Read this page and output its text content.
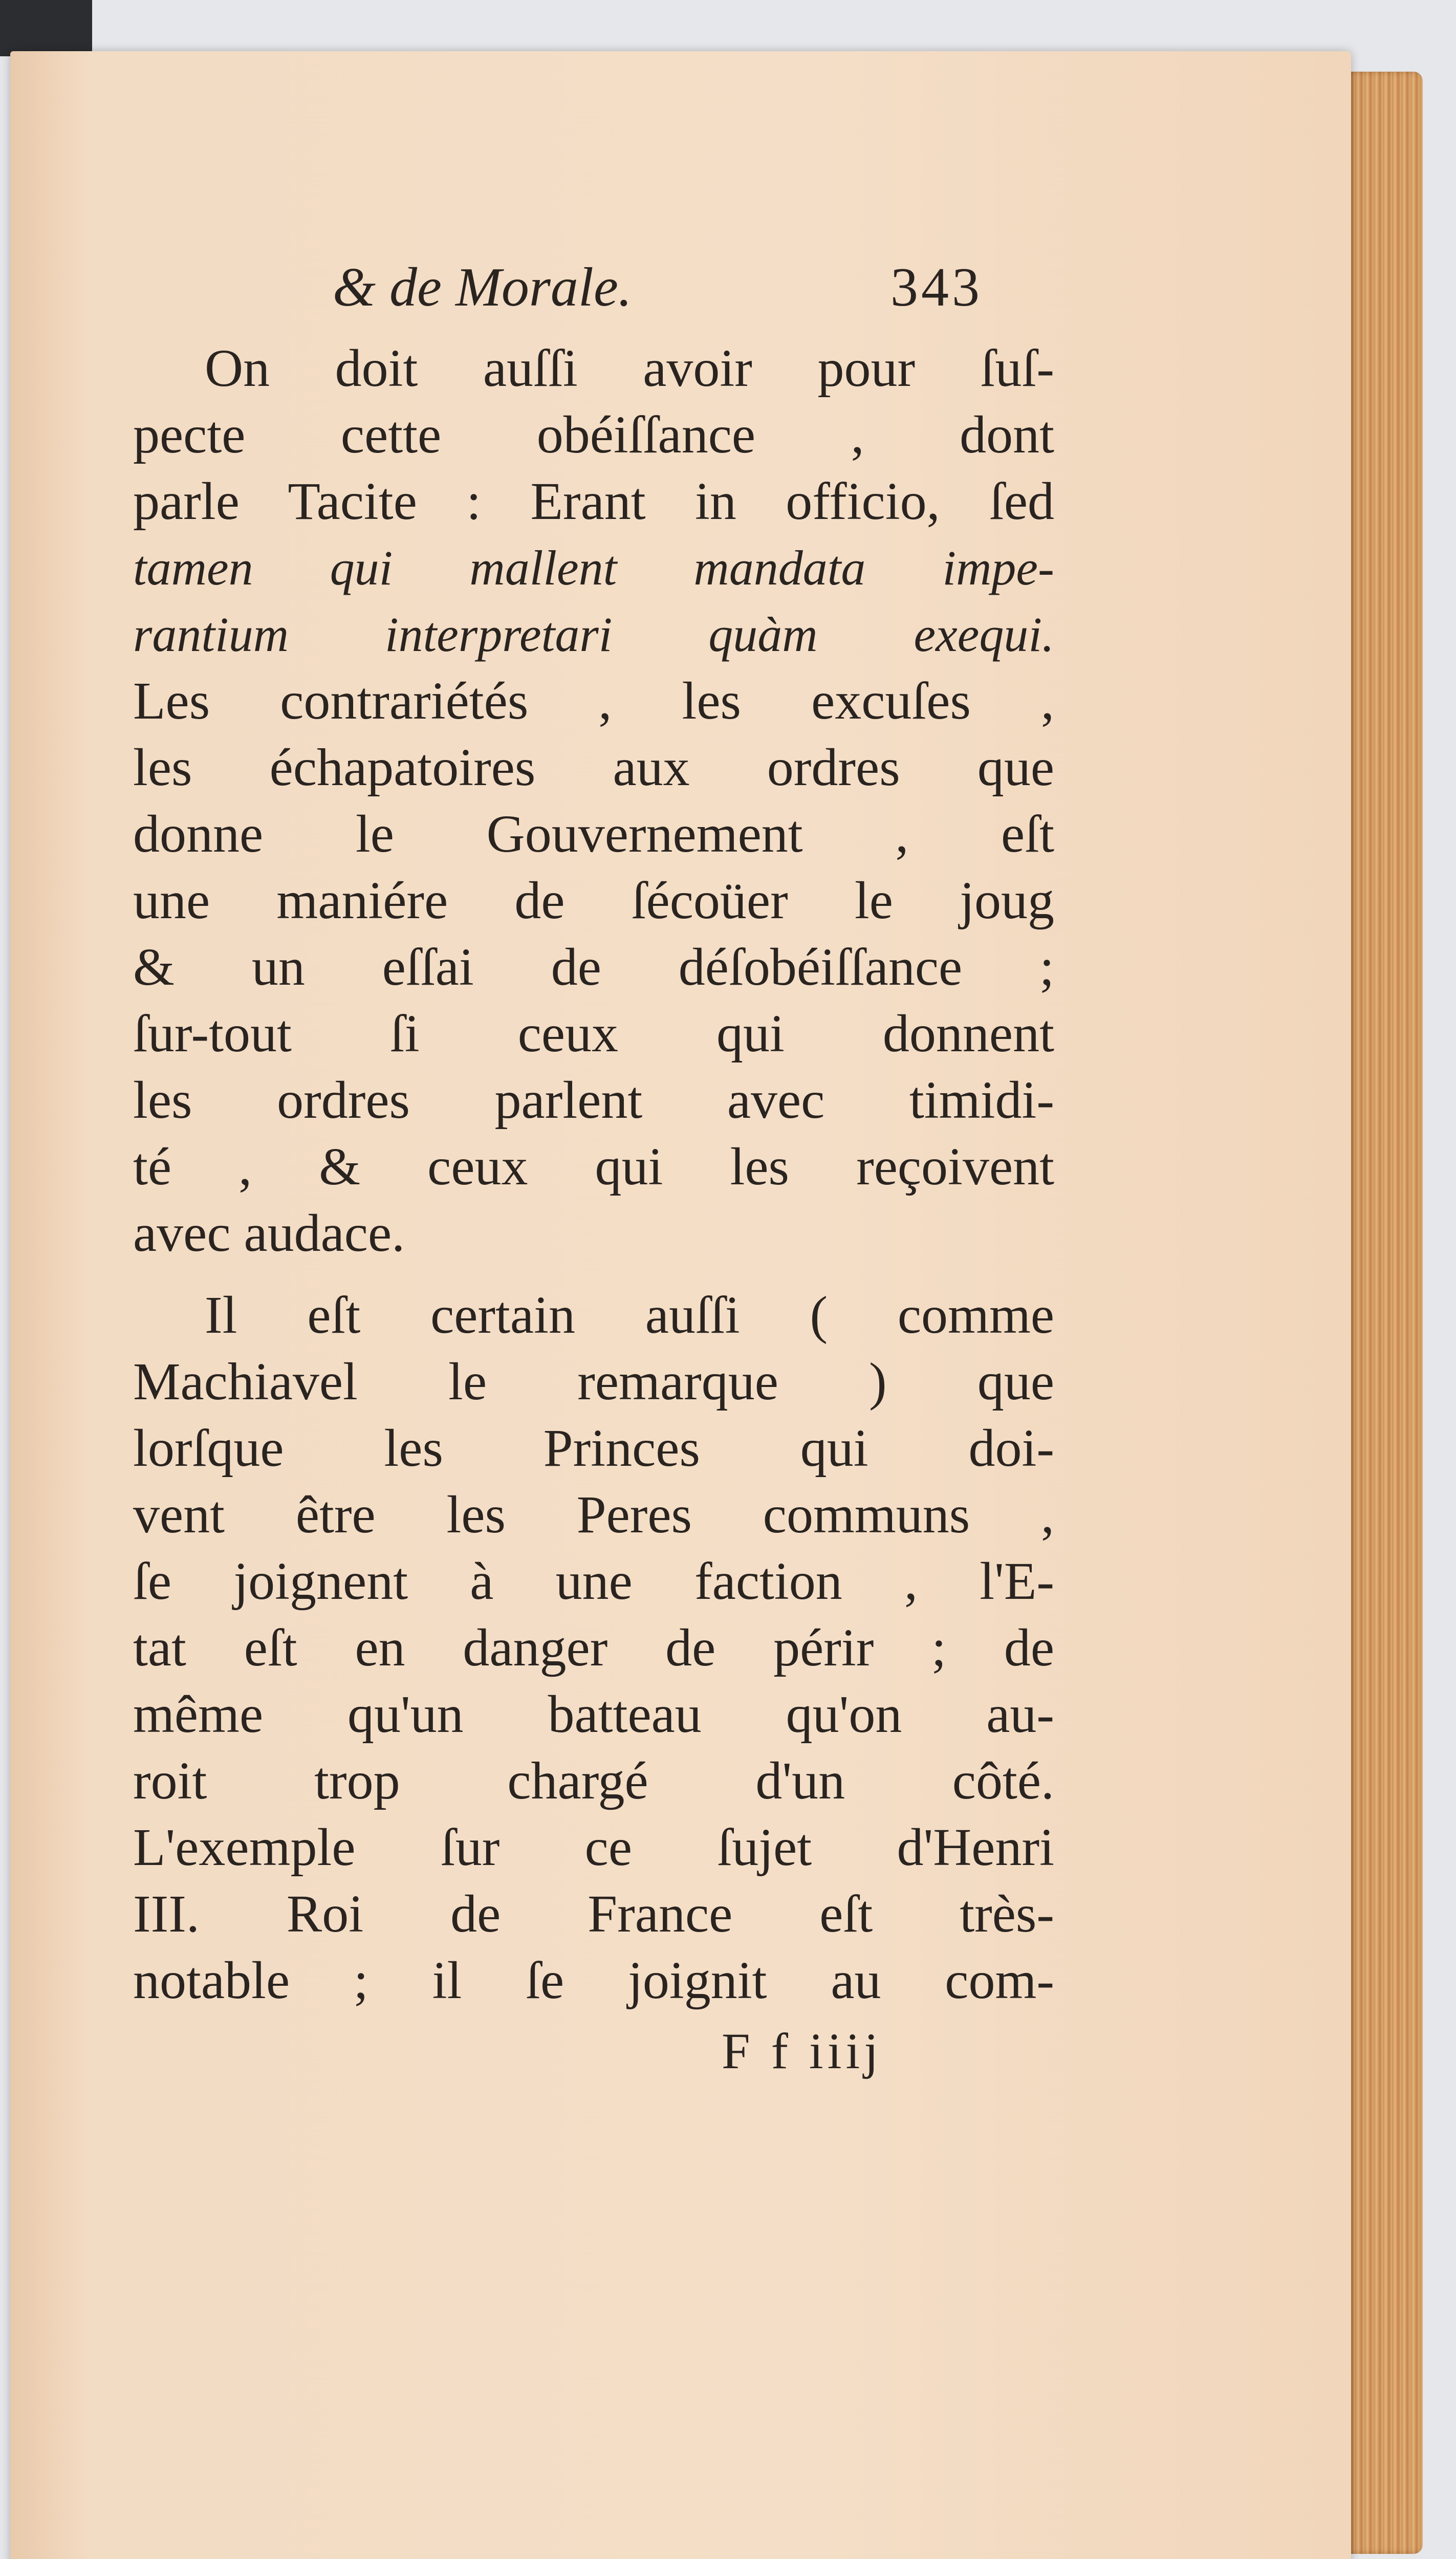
& de Morale.	343
On doit auſſi avoir pour ſuſ-
pecte cette obéiſſance , dont
parle Tacite : Erant in officio, ſed
tamen qui mallent mandata impe-
rantium interpretari quàm exequi.
Les contrariétés , les excuſes ,
les échapatoires aux ordres que
donne le Gouvernement , eſt
une maniére de ſécoüer le joug
& un eſſai de déſobéiſſance ;
ſur-tout ſi ceux qui donnent
les ordres parlent avec timidi-
té , & ceux qui les reçoivent
avec audace.
Il eſt certain auſſi ( comme
Machiavel le remarque ) que
lorſque les Princes qui doi-
vent être les Peres communs ,
ſe joignent à une faction , l'E-
tat eſt en danger de périr ; de
même qu'un batteau qu'on au-
roit trop chargé d'un côté.
L'exemple ſur ce ſujet d'Henri
III. Roi de France eſt très-
notable ; il ſe joignit au com-
F f iiij
